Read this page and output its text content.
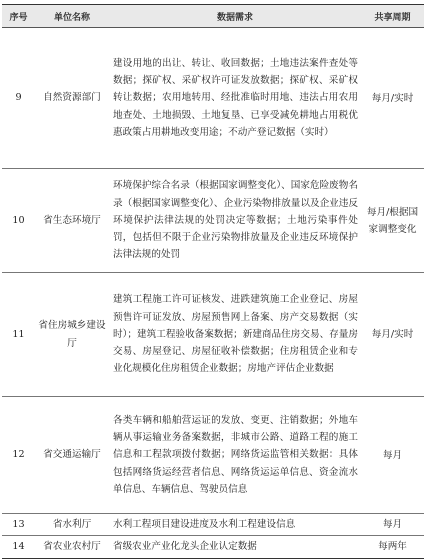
序号	单位名称	数据需求	共享周期
9	自然资源部门	建设用地的出让、转让、收回数据；土地违法案件查处等数据；探矿权、采矿权许可证发放数据；探矿权、采矿权转让数据；农用地转用、经批准临时用地、违法占用农用地查处、土地损毁、土地复垦、已享受减免耕地占用税优惠政策占用耕地改变用途；不动产登记数据（实时）	每月/实时
10	省生态环境厅	环境保护综合名录（根据国家调整变化）、国家危险废物名录（根据国家调整变化）、企业污染物排放量以及企业违反环境保护法律法规的处罚决定等数据；土地污染事件处罚，包括但不限于企业污染物排放量及企业违反环境保护法律法规的处罚	每月/根据国家调整变化
11	省住房城乡建设厅	建筑工程施工许可证核发、进跌建筑施工企业登记、房屋预售许可证发放、房屋预售网上备案、房产交易数据（实时）；建筑工程验收备案数据；新建商品住房交易、存量房交易、房屋登记、房屋征收补偿数据；住房租赁企业和专业化规模化住房租赁企业数据；房地产评估企业数据	每月/实时
12	省交通运输厅	各类车辆和船舶营运证的发放、变更、注销数据；外地车辆从事运输业务备案数据，非城市公路、道路工程的施工信息和工程款项拨付数据；网络货运监管相关数据：具体包括网络货运经营者信息、网络货运运单信息、资金流水单信息、车辆信息、驾驶员信息	每月
13	省水利厅	水利工程项目建设进度及水利工程建设信息	每月
14	省农业农村厅	省级农业产业化龙头企业认定数据	每两年
